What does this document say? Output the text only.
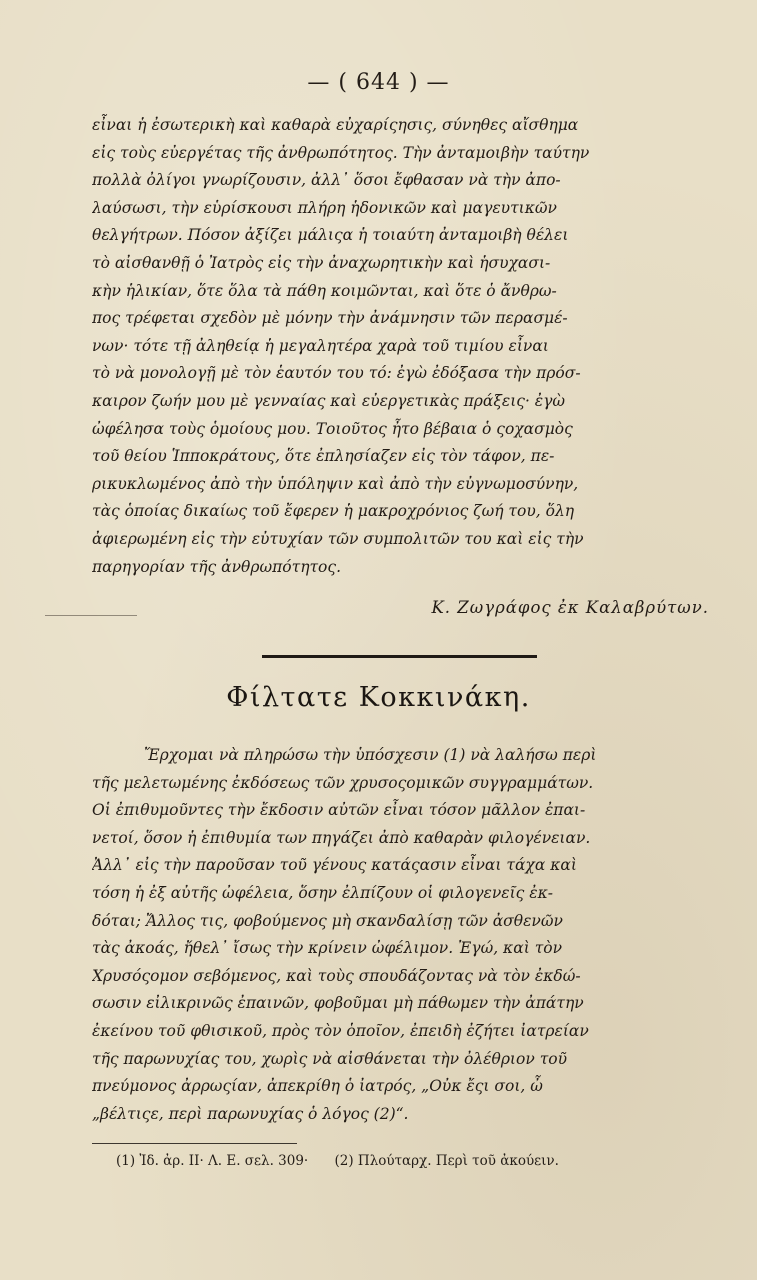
— ( 644 ) —
εἶναι ἡ ἐσωτερικὴ καὶ καθαρὰ εὐχαρίςησις, σύνηθες αἴσθημα
εἰς τοὺς εὐεργέτας τῆς ἀνθρωπότητος. Τὴν ἀνταμοιβὴν ταύτην
πολλὰ ὀλίγοι γνωρίζουσιν, ἀλλ᾽ ὅσοι ἔφθασαν νὰ τὴν ἀπο-
λαύσωσι, τὴν εὑρίσκουσι πλήρη ἡδονικῶν καὶ μαγευτικῶν
θελγήτρων. Πόσον ἀξίζει μάλιςα ἡ τοιαύτη ἀνταμοιβὴ θέλει
τὸ αἰσθανθῇ ὁ Ἰατρὸς εἰς τὴν ἀναχωρητικὴν καὶ ἡσυχασι-
κὴν ἡλικίαν, ὅτε ὅλα τὰ πάθη κοιμῶνται, καὶ ὅτε ὁ ἄνθρω-
πος τρέφεται σχεδὸν μὲ μόνην τὴν ἀνάμνησιν τῶν περασμέ-
νων· τότε τῇ ἀληθείᾳ ἡ μεγαλητέρα χαρὰ τοῦ τιμίου εἶναι
τὸ νὰ μονολογῇ μὲ τὸν ἑαυτόν του τό: ἐγὼ ἐδόξασα τὴν πρόσ-
καιρον ζωήν μου μὲ γενναίας καὶ εὐεργετικὰς πράξεις· ἐγὼ
ὠφέλησα τοὺς ὁμοίους μου. Τοιοῦτος ἦτο βέβαια ὁ ςοχασμὸς
τοῦ θείου Ἱπποκράτους, ὅτε ἐπλησίαζεν εἰς τὸν τάφον, πε-
ρικυκλωμένος ἀπὸ τὴν ὑπόληψιν καὶ ἀπὸ τὴν εὐγνωμοσύνην,
τὰς ὁποίας δικαίως τοῦ ἔφερεν ἡ μακροχρόνιος ζωή του, ὅλη
ἀφιερωμένη εἰς τὴν εὐτυχίαν τῶν συμπολιτῶν του καὶ εἰς τὴν
παρηγορίαν τῆς ἀνθρωπότητος.
Κ. Ζωγράφος ἐκ Καλαβρύτων.
Φίλτατε Κοκκινάκη.
Ἔρχομαι νὰ πληρώσω τὴν ὑπόσχεσιν (1) νὰ λαλήσω περὶ
τῆς μελετωμένης ἐκδόσεως τῶν χρυσοςομικῶν συγγραμμάτων.
Οἱ ἐπιθυμοῦντες τὴν ἔκδοσιν αὐτῶν εἶναι τόσον μᾶλλον ἐπαι-
νετοί, ὅσον ἡ ἐπιθυμία των πηγάζει ἀπὸ καθαρὰν φιλογένειαν.
Ἀλλ᾽ εἰς τὴν παροῦσαν τοῦ γένους κατάςασιν εἶναι τάχα καὶ
τόση ἡ ἐξ αὐτῆς ὠφέλεια, ὅσην ἐλπίζουν οἱ φιλογενεῖς ἐκ-
δόται; Ἄλλος τις, φοβούμενος μὴ σκανδαλίσῃ τῶν ἀσθενῶν
τὰς ἀκοάς, ἤθελ᾽ ἴσως τὴν κρίνειν ὠφέλιμον. Ἐγώ, καὶ τὸν
Χρυσόςομον σεβόμενος, καὶ τοὺς σπουδάζοντας νὰ τὸν ἐκδώ-
σωσιν εἰλικρινῶς ἐπαινῶν, φοβοῦμαι μὴ πάθωμεν τὴν ἀπάτην
ἐκείνου τοῦ φθισικοῦ, πρὸς τὸν ὁποῖον, ἐπειδὴ ἐζήτει ἰατρείαν
τῆς παρωνυχίας του, χωρὶς νὰ αἰσθάνεται τὴν ὀλέθριον τοῦ
πνεύμονος ἀρρωςίαν, ἀπεκρίθη ὁ ἰατρός, „Οὐκ ἔςι σοι, ὦ
„βέλτιςε, περὶ παρωνυχίας ὁ λόγος (2)“.
(1) Ἰδ. ἀρ. ΙΙ· Λ. Ε. σελ. 309· (2) Πλούταρχ. Περὶ τοῦ ἀκούειν.
